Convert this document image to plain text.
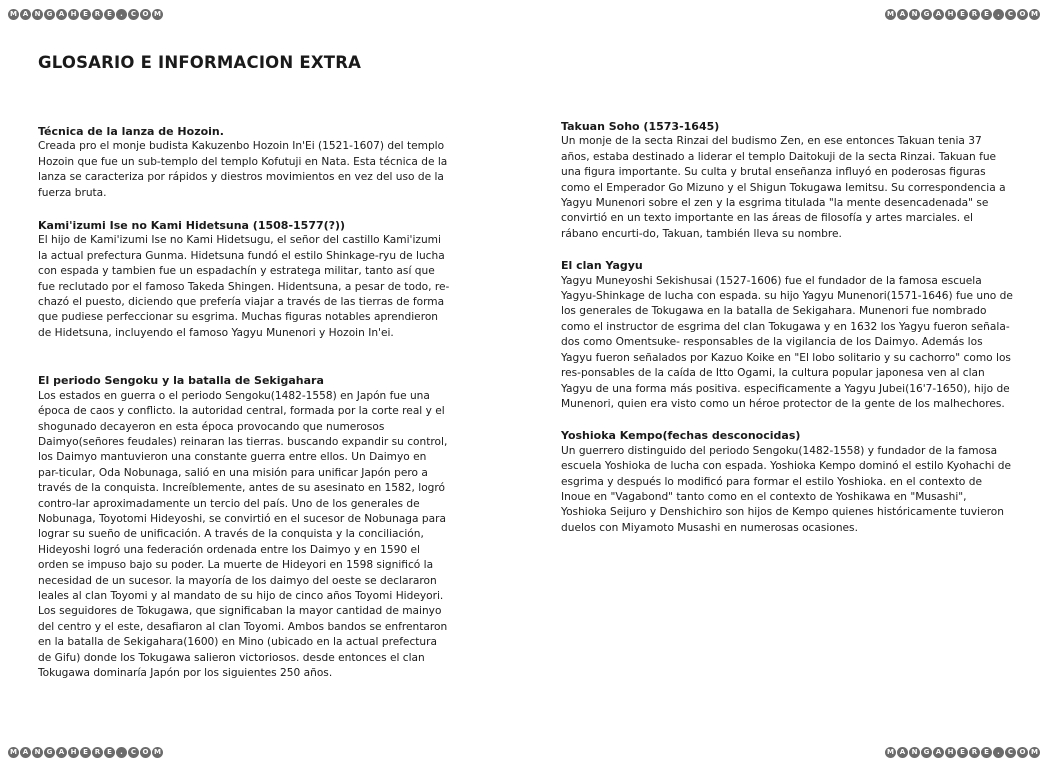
M A N G A H E R E	.	C O M	M A N G A H E R E	.	C O M
M A N G A H E R E	.	C O M	M A N G A H E R E	.	C O M
GLOSARIO E INFORMACION EXTRA
Técnica de la lanza de Hozoin.

Creada pro el monje budista Kakuzenbo Hozoin In'Ei (1521-1607) del templo Hozoin que fue un sub-templo del templo Kofutuji en Nata. Esta técnica de la lanza se caracteriza por rápidos y diestros movimientos en vez del uso de la fuerza bruta.

Kami'izumi Ise no Kami Hidetsuna (1508-1577(?))

El hijo de Kami'izumi Ise no Kami Hidetsugu, el señor del castillo Kami'izumi la actual prefectura Gunma. Hidetsuna fundó el estilo Shinkage-ryu de lucha con espada y tambien fue un espadachín y estratega militar, tanto así que fue reclutado por el famoso Takeda Shingen. Hidentsuna, a pesar de todo, re-chazó el puesto, diciendo que prefería viajar a través de las tierras de forma que pudiese perfeccionar su esgrima. Muchas figuras notables aprendieron de Hidetsuna, incluyendo el famoso Yagyu Munenori y Hozoin In'ei.

El periodo Sengoku y la batalla de Sekigahara

Los estados en guerra o el periodo Sengoku(1482-1558) en Japón fue una época de caos y conflicto. la autoridad central, formada por la corte real y el shogunado decayeron en esta época provocando que numerosos Daimyo(señores feudales) reinaran las tierras. buscando expandir su control, los Daimyo mantuvieron una constante guerra entre ellos. Un Daimyo en par-ticular, Oda Nobunaga, salió en una misión para unificar Japón pero a través de la conquista. Increíblemente, antes de su asesinato en 1582, logró contro-lar aproximadamente un tercio del país. Uno de los generales de Nobunaga, Toyotomi Hideyoshi, se convirtió en el sucesor de Nobunaga para lograr su sueño de unificación. A través de la conquista y la conciliación, Hideyoshi logró una federación ordenada entre los Daimyo y en 1590 el orden se impuso bajo su poder. La muerte de Hideyori en 1598 significó la necesidad de un sucesor. la mayoría de los daimyo del oeste se declararon leales al clan Toyomi y al mandato de su hijo de cinco años Toyomi Hideyori. Los seguidores de Tokugawa, que significaban la mayor cantidad de mainyo del centro y el este, desafiaron al clan Toyomi. Ambos bandos se enfrentaron en la batalla de Sekigahara(1600) en Mino (ubicado en la actual prefectura de Gifu) donde los Tokugawa salieron victoriosos. desde entonces el clan Tokugawa dominaría Japón por los siguientes 250 años.

Takuan Soho (1573-1645)

Un monje de la secta Rinzai del budismo Zen, en ese entonces Takuan tenia 37 años, estaba destinado a liderar el templo Daitokuji de la secta Rinzai. Takuan fue una figura importante. Su culta y brutal enseñanza influyó en poderosas figuras como el Emperador Go Mizuno y el Shigun Tokugawa Iemitsu. Su correspondencia a Yagyu Munenori sobre el zen y la esgrima titulada "la mente desencadenada" se convirtió en un texto importante en las áreas de filosofía y artes marciales. el rábano encurti-do, Takuan, también lleva su nombre.

El clan Yagyu

Yagyu Muneyoshi Sekishusai (1527-1606) fue el fundador de la famosa escuela Yagyu-Shinkage de lucha con espada. su hijo Yagyu Munenori(1571-1646) fue uno de los generales de Tokugawa en la batalla de Sekigahara. Munenori fue nombrado como el instructor de esgrima del clan Tokugawa y en 1632 los Yagyu fueron señala-dos como Omentsuke- responsables de la vigilancia de los Daimyo. Además los Yagyu fueron señalados por Kazuo Koike en "El lobo solitario y su cachorro" como los res-ponsables de la caída de Itto Ogami, la cultura popular japonesa ven al clan Yagyu de una forma más positiva. especificamente a Yagyu Jubei(16'7-1650), hijo de Munenori, quien era visto como un héroe protector de la gente de los malhechores.

Yoshioka Kempo(fechas desconocidas)

Un guerrero distinguido del periodo Sengoku(1482-1558) y fundador de la famosa escuela Yoshioka de lucha con espada. Yoshioka Kempo dominó el estilo Kyohachi de esgrima y después lo modificó para formar el estilo Yoshioka. en el contexto de Inoue en "Vagabond" tanto como en el contexto de Yoshikawa en "Musashi", Yoshioka Seijuro y Denshichiro son hijos de Kempo quienes históricamente tuvieron duelos con Miyamoto Musashi en numerosas ocasiones.
